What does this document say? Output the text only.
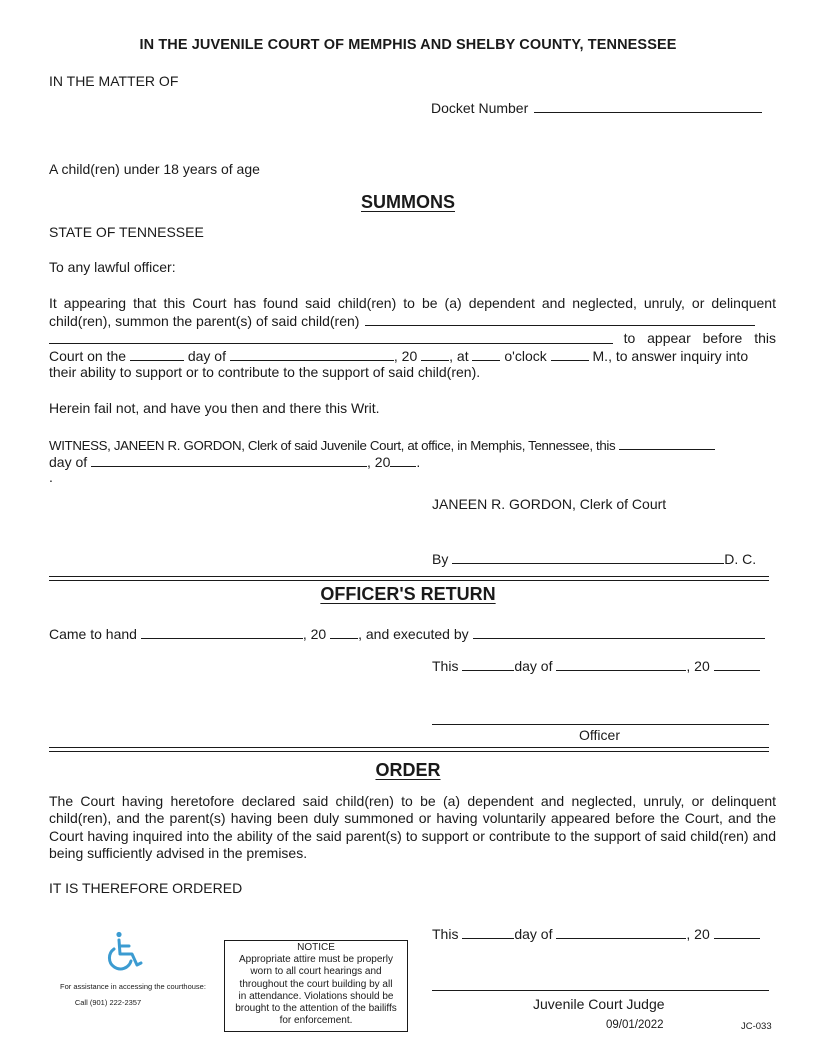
IN THE JUVENILE COURT OF MEMPHIS AND SHELBY COUNTY, TENNESSEE
IN THE MATTER OF
Docket Number
A child(ren) under 18 years of age
SUMMONS
STATE OF TENNESSEE
To any lawful officer:
It appearing that this Court has found said child(ren) to be (a) dependent and neglected, unruly, or delinquent
child(ren), summon the parent(s) of said child(ren)
to appear before this
Court on the	day of	, 20 , at	o'clock	M., to answer inquiry into
their ability to support or to contribute to the support of said child(ren).
Herein fail not, and have you then and there this Writ.
WITNESS, JANEEN R. GORDON, Clerk of said Juvenile Court, at office, in Memphis, Tennessee, this
day of	, 20 .
.
JANEEN R. GORDON, Clerk of Court
By	D. C.
OFFICER'S RETURN
Came to hand	, 20 , and executed by
This	day of	, 20
Officer
ORDER
The Court having heretofore declared said child(ren) to be (a) dependent and neglected, unruly, or delinquent child(ren), and the parent(s) having been duly summoned or having voluntarily appeared before the Court, and the Court having inquired into the ability of the said parent(s) to support or contribute to the support of said child(ren) and being sufficiently advised in the premises.
IT IS THEREFORE ORDERED
This	day of	, 20
Juvenile Court Judge
09/01/2022	JC-033
For assistance in accessing the courthouse:
Call (901) 222-2357
NOTICE
Appropriate attire must be properly
worn to all court hearings and
throughout the court building by all
in attendance. Violations should be
brought to the attention of the bailiffs
for enforcement.
